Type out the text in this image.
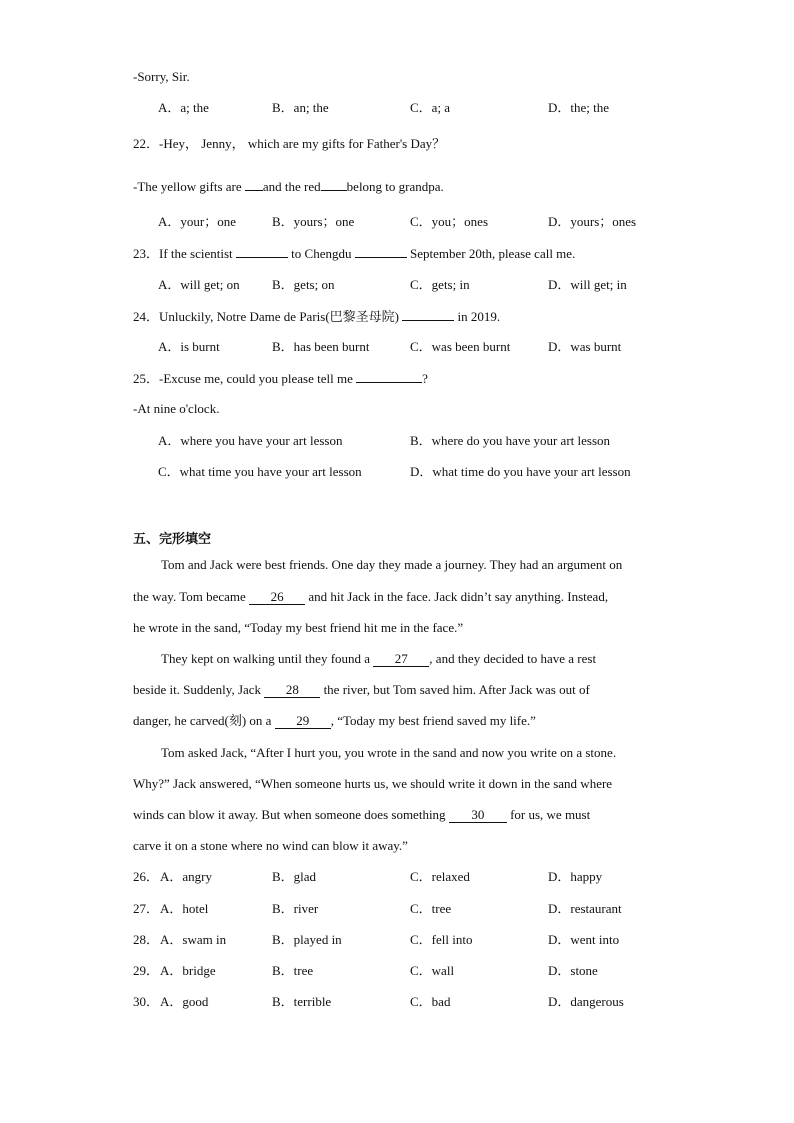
-Sorry, Sir.
A．a; the	B．an; the	C．a; a	D．the; the
22．-Hey， Jenny， which are my gifts for Father's Day？
-The yellow gifts are and the red belong to grandpa.
A．your；one	B．yours；one	C．you；ones	D．yours；ones
23．If the scientist	to Chengdu	September 20th, please call me.
A．will get; on B．gets; on	C．gets; in	D．will get; in
24．Unluckily, Notre Dame de Paris(巴黎圣母院)	in 2019.
A．is burnt	B．has been burnt	C．was been burnt	D．was burnt
25．-Excuse me, could you please tell me	?
-At nine o'clock.
A．where you have your art lesson	B．where do you have your art lesson
C．what time you have your art lesson	D．what time do you have your art lesson
五、完形填空
Tom and Jack were best friends. One day they made a journey. They had an argument on
the way. Tom became 26 and hit Jack in the face. Jack didn’t say anything. Instead,
he wrote in the sand, “Today my best friend hit me in the face.”
They kept on walking until they found a 27 , and they decided to have a rest
beside it. Suddenly, Jack 28 the river, but Tom saved him. After Jack was out of
danger, he carved(刻) on a 29 , “Today my best friend saved my life.”
Tom asked Jack, “After I hurt you, you wrote in the sand and now you write on a stone.
Why?” Jack answered, “When someone hurts us, we should write it down in the sand where
winds can blow it away. But when someone does something 30 for us, we must
carve it on a stone where no wind can blow it away.”
26． A．angry	B．glad	C．relaxed	D．happy
27． A．hotel	B．river	C．tree	D．restaurant
28． A．swam in	B．played in	C．fell into	D．went into
29． A．bridge	B．tree	C．wall	D．stone
30． A．good	B．terrible	C．bad	D．dangerous
